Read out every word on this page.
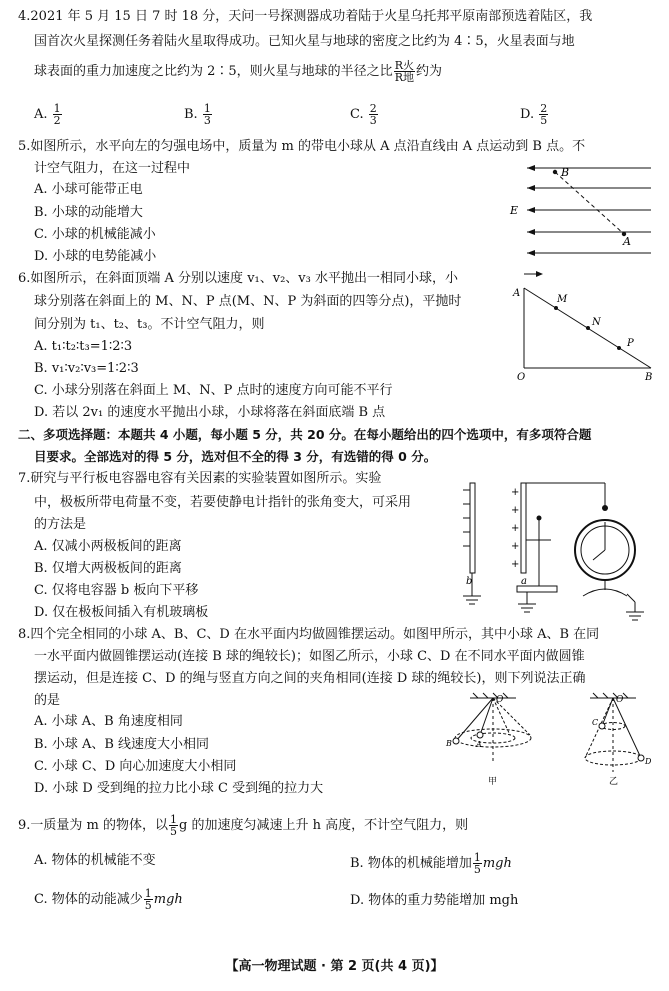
4.2021 年 5 月 15 日 7 时 18 分，天问一号探测器成功着陆于火星乌托邦平原南部预选着陆区，我
国首次火星探测任务着陆火星取得成功。已知火星与地球的密度之比约为 4∶5，火星表面与地
球表面的重力加速度之比约为 2∶5，则火星与地球的半径之比 $\frac{\text{R火}}{\text{R地}}$ 约为
A. $\frac{1}{2}$	B. $\frac{1}{3}$	C. $\frac{2}{3}$	D. $\frac{2}{5}$
5.如图所示，水平向左的匀强电场中，质量为 m 的带电小球从 A 点沿直线由 A 点运动到 B 点。不
计空气阻力，在这一过程中
A. 小球可能带正电
B. 小球的动能增大
C. 小球的机械能减小
D. 小球的电势能减小
B
E
A
6.如图所示，在斜面顶端 A 分别以速度 v₁、v₂、v₃ 水平抛出一相同小球，小
球分别落在斜面上的 M、N、P 点(M、N、P 为斜面的四等分点)，平抛时
间分别为 t₁、t₂、t₃。不计空气阻力，则
A. t₁∶t₂∶t₃=1∶2∶3
B. v₁∶v₂∶v₃=1∶2∶3
C. 小球分别落在斜面上 M、N、P 点时的速度方向可能不平行
D. 若以 2v₁ 的速度水平抛出小球，小球将落在斜面底端 B 点
A
M
N
P
O	B
二、多项选择题：本题共 4 小题，每小题 5 分，共 20 分。在每小题给出的四个选项中，有多项符合题
目要求。全部选对的得 5 分，选对但不全的得 3 分，有选错的得 0 分。
7.研究与平行板电容器电容有关因素的实验装置如图所示。实验
中，极板所带电荷量不变，若要使静电计指针的张角变大，可采用
的方法是
A. 仅减小两极板间的距离
B. 仅增大两极板间的距离
C. 仅将电容器 b 板向下平移
D. 仅在极板间插入有机玻璃板
+
+
+
+
+
b	a
8.四个完全相同的小球 A、B、C、D 在水平面内均做圆锥摆运动。如图甲所示，其中小球 A、B 在同
一水平面内做圆锥摆运动(连接 B 球的绳较长)；如图乙所示，小球 C、D 在不同水平面内做圆锥
摆运动，但是连接 C、D 的绳与竖直方向之间的夹角相同(连接 D 球的绳较长)，则下列说法正确
的是
A. 小球 A、B 角速度相同
B. 小球 A、B 线速度大小相同
C. 小球 C、D 向心加速度大小相同
D. 小球 D 受到绳的拉力比小球 C 受到绳的拉力大
O	O
B	A
C
D
甲	乙
9.一质量为 m 的物体，以 $\frac{1}{5}$ g 的加速度匀减速上升 h 高度，不计空气阻力，则
A. 物体的机械能不变	B. 物体的机械能增加 $\frac{1}{5}$ mgh
C. 物体的动能减少 $\frac{1}{5}$ mgh	D. 物体的重力势能增加 mgh
【高一物理试题 · 第 2 页(共 4 页)】
